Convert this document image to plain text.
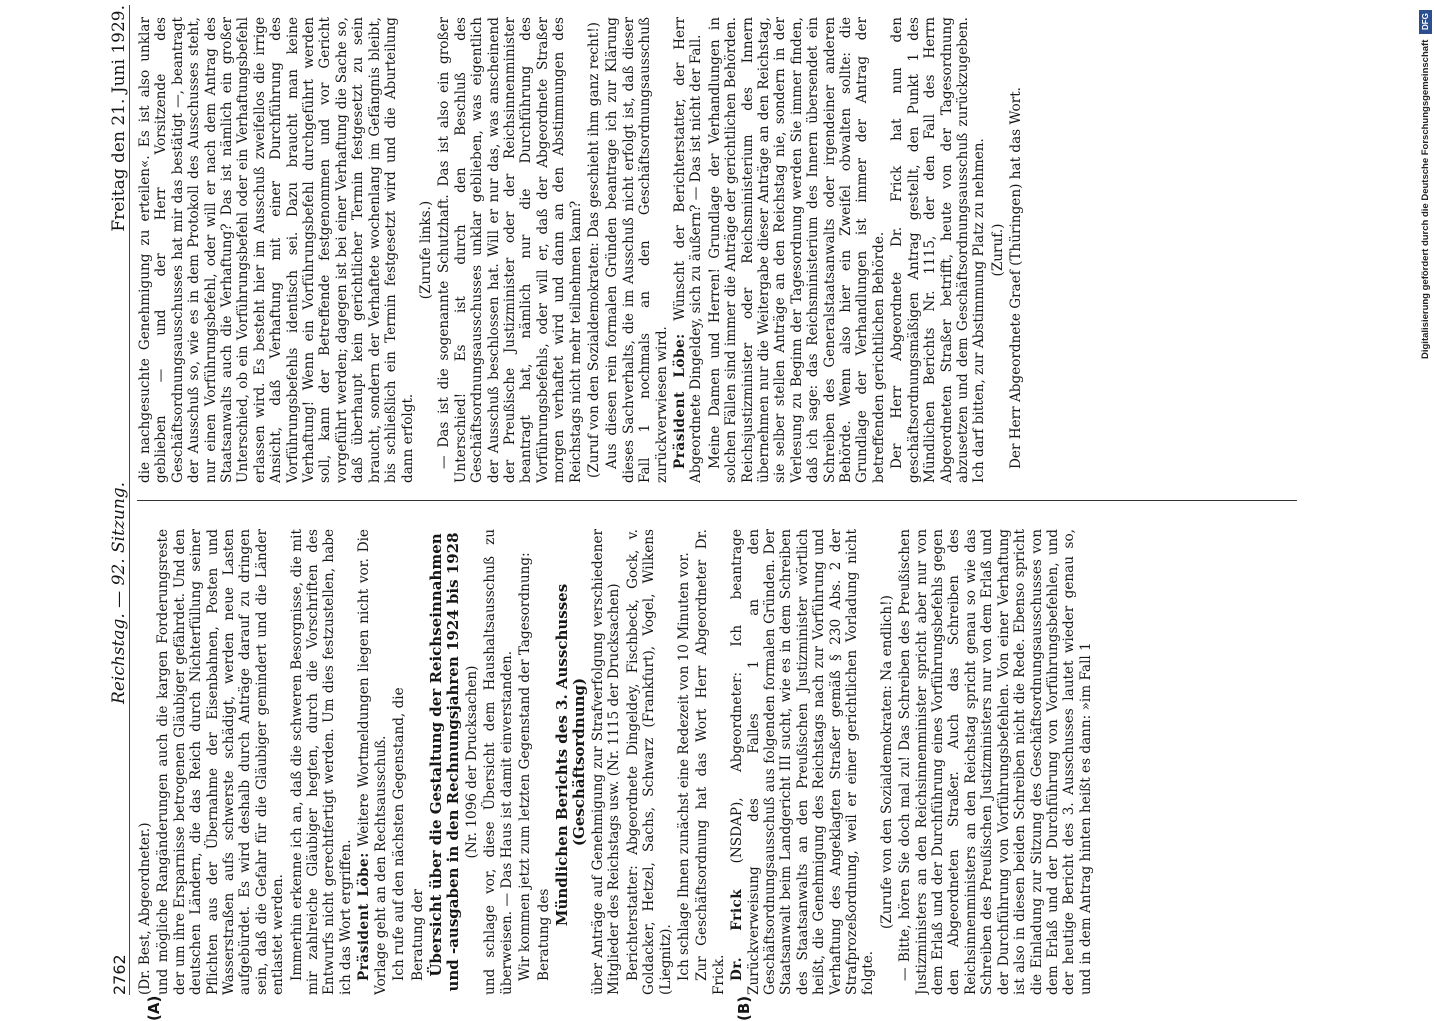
2762
Reichstag. — 92. Sitzung.
Freitag den 21. Juni 1929.

(Dr. Best, Abgeordneter.) und mögliche Rangänderungen auch die kargen Forderungsreste der um ihre Ersparnisse betrogenen Gläubiger gefährdet. Und den deutschen Ländern, die das Reich durch Nichterfüllung seiner Pflichten aus der Übernahme der Eisenbahnen, Posten und Wasserstraßen aufs schwerste schädigt, werden neue Lasten aufgebürdet. Es wird deshalb durch Anträge darauf zu dringen sein, daß die Gefahr für die Gläubiger gemindert und die Länder entlastet werden. Immerhin erkenne ich an, daß die schweren Besorgnisse, die mit mir zahlreiche Gläubiger hegten, durch die Vorschriften des Entwurfs nicht gerechtfertigt werden. Um dies festzustellen, habe ich das Wort ergriffen. Präsident Löbe: Weitere Wortmeldungen liegen nicht vor. Die Vorlage geht an den Rechtsausschuß. Ich rufe auf den nächsten Gegenstand, die Beratung der Übersicht über die Gestaltung der Reichseinnahmen und -ausgaben in den Rechnungsjahren 1924 bis 1928 (Nr. 1096 der Drucksachen) und schlage vor, diese Übersicht dem Haushaltsausschuß zu überweisen. — Das Haus ist damit einverstanden. Wir kommen jetzt zum letzten Gegenstand der Tagesordnung: Beratung des

Mündlichen Berichts des 3. Ausschusses (Geschäftsordnung) über Anträge auf Genehmigung zur Strafverfolgung verschiedener Mitglieder des Reichstags usw. (Nr. 1115 der Drucksachen) Berichterstatter: Abgeordnete Dingeldey, Fischbeck, Gock, v. Goldacker, Hetzel, Sachs, Schwarz (Frankfurt), Vogel, Wilkens (Liegnitz). Ich schlage Ihnen zunächst eine Redezeit von 10 Minuten vor. Zur Geschäftsordnung hat das Wort Herr Abgeordneter Dr. Frick. Dr. Frick (NSDAP), Abgeordneter: Ich beantrage Zurückverweisung des Falles 1 an den Geschäftsordnungsausschuß aus folgenden formalen Gründen. Der Staatsanwalt beim Landgericht III sucht, wie es in dem Schreiben des Staatsanwalts an den Preußischen Justizminister wörtlich heißt, die Genehmigung des Reichstags nach zur Vorführung und Verhaftung des Angeklagten Straßer gemäß § 230 Abs. 2 der Strafprozeßordnung, weil er einer gerichtlichen Vorladung nicht folgte.

(Zurufe von den Sozialdemokraten: Na endlich!) — Bitte, hören Sie doch mal zu! Das Schreiben des Preußischen Justizministers an den Reichsinnenminister spricht aber nur von dem Erlaß und der Durchführung eines Vorführungsbefehls gegen den Abgeordneten Straßer. Auch das Schreiben des Reichsinnenministers an den Reichstag spricht genau so wie das Schreiben des Preußischen Justizministers nur von dem Erlaß und der Durchführung von Vorführungsbefehlen. Von einer Verhaftung ist also in diesen beiden Schreiben nicht die Rede. Ebenso spricht die Einladung zur Sitzung des Geschäftsordnungsausschusses von dem Erlaß und der Durchführung von Vorführungsbefehlen, und der heutige Bericht des 3. Ausschusses lautet wieder genau so, und in dem Antrag hinten heißt es dann: »im Fall 1

die nachgesuchte Genehmigung zu erteilen«. Es ist also unklar geblieben — und der Herr Vorsitzende des Geschäftsordnungsausschusses hat mir das bestätigt —, beantragt der Ausschuß so, wie es in dem Protokoll des Ausschusses steht, nur einen Vorführungsbefehl, oder will er nach dem Antrag des Staatsanwalts auch die Verhaftung? Das ist nämlich ein großer Unterschied, ob ein Vorführungsbefehl oder ein Verhaftungsbefehl erlassen wird. Es besteht hier im Ausschuß zweifellos die irrige Ansicht, daß Verhaftung mit einer Durchführung des Vorführungsbefehls identisch sei. Dazu braucht man keine Verhaftung! Wenn ein Vorführungsbefehl durchgeführt werden soll, kann der Betreffende festgenommen und vor Gericht vorgeführt werden; dagegen ist bei einer Verhaftung die Sache so, daß überhaupt kein gerichtlicher Termin festgesetzt zu sein braucht, sondern der Verhaftete wochenlang im Gefängnis bleibt, bis schließlich ein Termin festgesetzt wird und die Aburteilung dann erfolgt.

(Zurufe links.) — Das ist die sogenannte Schutzhaft. Das ist also ein großer Unterschied! Es ist durch den Beschluß des Geschäftsordnungsausschusses unklar geblieben, was eigentlich der Ausschuß beschlossen hat. Will er nur das, was anscheinend der Preußische Justizminister oder der Reichsinnenminister beantragt hat, nämlich nur die Durchführung des Vorführungsbefehls, oder will er, daß der Abgeordnete Straßer morgen verhaftet wird und dann an den Abstimmungen des Reichstags nicht mehr teilnehmen kann? (Zuruf von den Sozialdemokraten: Das geschieht ihm ganz recht!) Aus diesen rein formalen Gründen beantrage ich zur Klärung dieses Sachverhalts, die im Ausschuß nicht erfolgt ist, daß dieser Fall 1 nochmals an den Geschäftsordnungsausschuß zurückverwiesen wird. Präsident Löbe: Wünscht der Berichterstatter, der Herr Abgeordnete Dingeldey, sich zu äußern? — Das ist nicht der Fall. Meine Damen und Herren! Grundlage der Verhandlungen in solchen Fällen sind immer die Anträge der gerichtlichen Behörden. Reichsjustizminister oder Reichsministerium des Innern übernehmen nur die Weitergabe dieser Anträge an den Reichstag, sie selber stellen Anträge an den Reichstag nie, sondern in der Verlesung zu Beginn der Tagesordnung werden Sie immer finden, daß ich sage: das Reichsministerium des Innern übersendet ein Schreiben des Generalstaatsanwalts oder irgendeiner anderen Behörde. Wenn also hier ein Zweifel obwalten sollte: die Grundlage der Verhandlungen ist immer der Antrag der betreffenden gerichtlichen Behörde. Der Herr Abgeordnete Dr. Frick hat nun den geschäftsordnungsmäßigen Antrag gestellt, den Punkt 1 des Mündlichen Berichts Nr. 1115, der den Fall des Herrn Abgeordneten Straßer betrifft, heute von der Tagesordnung abzusetzen und dem Geschäftsordnungsausschuß zurückzugeben. Ich darf bitten, zur Abstimmung Platz zu nehmen. (Zuruf.) Der Herr Abgeordnete Graef (Thüringen) hat das Wort.

(A)	(B)
DFG
Digitalisierung gefördert durch die Deutsche Forschungsgemeinschaft
